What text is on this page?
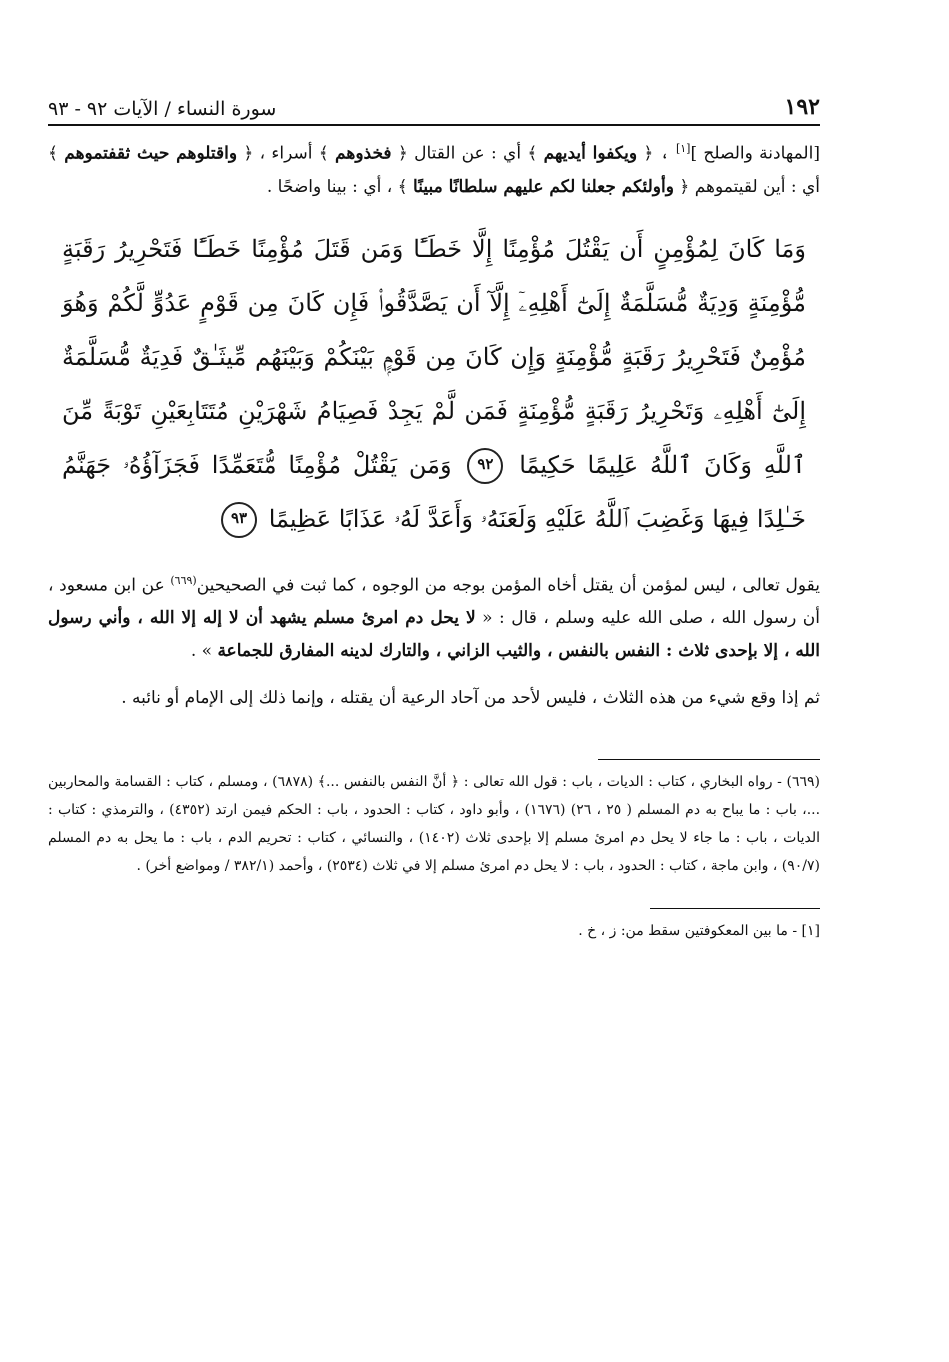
١٩٢
سورة النساء / الآيات ٩٢ - ٩٣

[المهادنة والصلح ][١] ، ﴿ ويكفوا أيديهم ﴾ أي : عن القتال ﴿ فخذوهم ﴾ أسراء ، ﴿ واقتلوهم حيث ثقفتموهم ﴾ أي : أين لقيتموهم ﴿ وأولئكم جعلنا لكم عليهم سلطانًا مبينًا ﴾ ، أي : بينا واضحًا .

وَمَا كَانَ لِمُؤْمِنٍ أَن يَقْتُلَ مُؤْمِنًا إِلَّا خَطَـًٔا وَمَن قَتَلَ مُؤْمِنًا خَطَـًٔا فَتَحْرِيرُ رَقَبَةٍ مُّؤْمِنَةٍ وَدِيَةٌ مُّسَلَّمَةٌ إِلَىٰٓ أَهْلِهِۦٓ إِلَّآ أَن يَصَّدَّقُوا۟ فَإِن كَانَ مِن قَوْمٍ عَدُوٍّ لَّكُمْ وَهُوَ مُؤْمِنٌ فَتَحْرِيرُ رَقَبَةٍ مُّؤْمِنَةٍ وَإِن كَانَ مِن قَوْمٍۭ بَيْنَكُمْ وَبَيْنَهُم مِّيثَـٰقٌ فَدِيَةٌ مُّسَلَّمَةٌ إِلَىٰٓ أَهْلِهِۦ وَتَحْرِيرُ رَقَبَةٍ مُّؤْمِنَةٍ فَمَن لَّمْ يَجِدْ فَصِيَامُ شَهْرَيْنِ مُتَتَابِعَيْنِ تَوْبَةً مِّنَ ٱللَّهِ وَكَانَ ٱللَّهُ عَلِيمًا حَكِيمًا ٩٢ وَمَن يَقْتُلْ مُؤْمِنًا مُّتَعَمِّدًا فَجَزَآؤُهُۥ جَهَنَّمُ خَـٰلِدًا فِيهَا وَغَضِبَ ٱللَّهُ عَلَيْهِ وَلَعَنَهُۥ وَأَعَدَّ لَهُۥ عَذَابًا عَظِيمًا ٩٣

يقول تعالى ، ليس لمؤمن أن يقتل أخاه المؤمن بوجه من الوجوه ، كما ثبت في الصحيحين$^{(٦٦٩)}$ عن ابن مسعود ، أن رسول الله ، صلى الله عليه وسلم ، قال : « لا يحل دم امرئ مسلم يشهد أن لا إله إلا الله ، وأني رسول الله ، إلا بإحدى ثلاث : النفس بالنفس ، والثيب الزاني ، والتارك لدينه المفارق للجماعة » .

ثم إذا وقع شيء من هذه الثلاث ، فليس لأحد من آحاد الرعية أن يقتله ، وإنما ذلك إلى الإمام أو نائبه .

(٦٦٩) - رواه البخاري ، كتاب : الديات ، باب : قول الله تعالى : ﴿ أنَّ النفس بالنفس ...﴾ (٦٨٧٨) ، ومسلم ، كتاب : القسامة والمحاربين ...، باب : ما يباح به دم المسلم ( ٢٥ ، ٢٦) (١٦٧٦) ، وأبو داود ، كتاب : الحدود ، باب : الحكم فيمن ارتد (٤٣٥٢) ، والترمذي : كتاب : الديات ، باب : ما جاء لا يحل دم امرئ مسلم إلا بإحدى ثلاث (١٤٠٢) ، والنسائي ، كتاب : تحريم الدم ، باب : ما يحل به دم المسلم (٩٠/٧) ، وابن ماجة ، كتاب : الحدود ، باب : لا يحل دم امرئ مسلم إلا في ثلاث (٢٥٣٤) ، وأحمد (٣٨٢/١ / ومواضع أخر) .

[١] - ما بين المعكوفتين سقط من: ز ، خ .
